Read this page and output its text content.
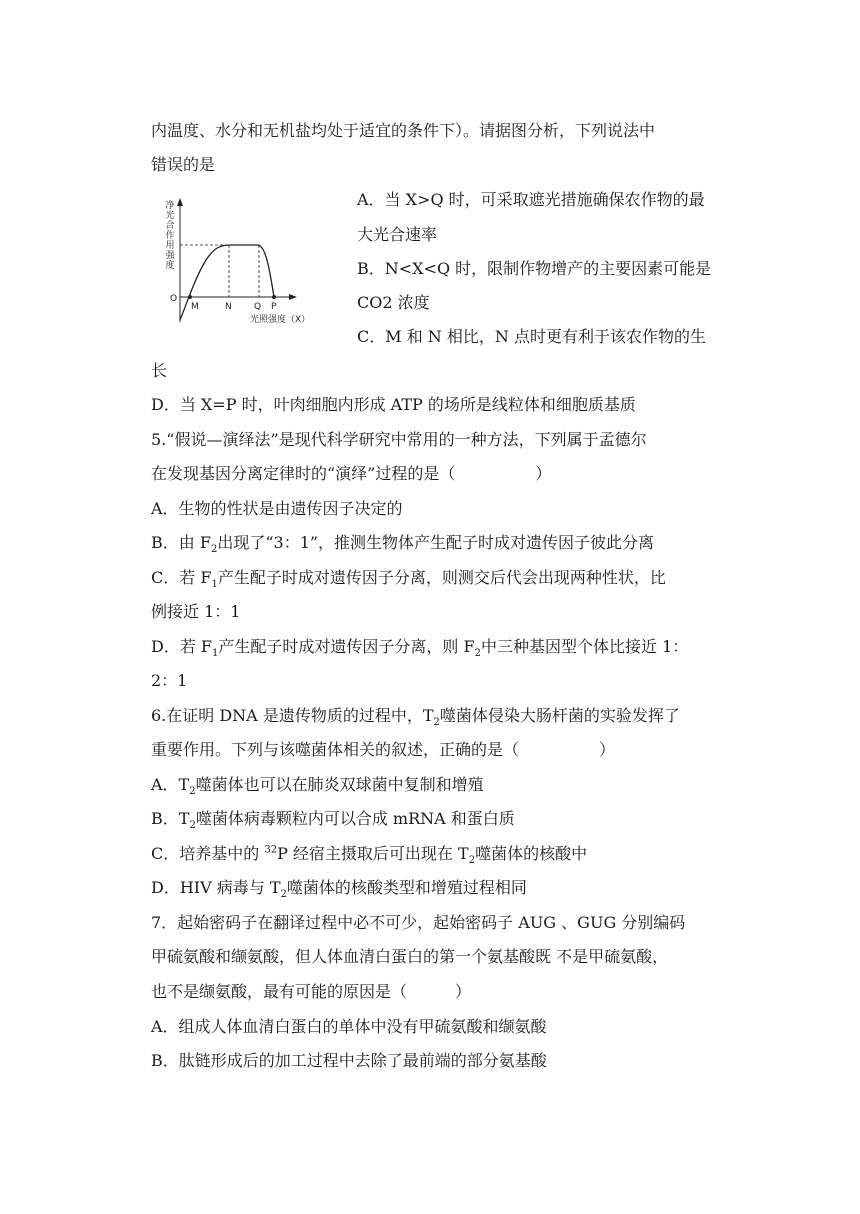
内温度、水分和无机盐均处于适宜的条件下）。请据图分析，下列说法中
错误的是
净
光
合
作
用
强
度
O
M	N Q P
光照强度（X）
A．当 X>Q 时，可采取遮光措施确保农作物的最
大光合速率
B．N<X<Q 时，限制作物增产的主要因素可能是
CO2 浓度
C．M 和 N 相比，N 点时更有利于该农作物的生
长
D．当 X=P 时，叶肉细胞内形成 ATP 的场所是线粒体和细胞质基质
5.“假说—演绎法”是现代科学研究中常用的一种方法，下列属于孟德尔
在发现基因分离定律时的“演绎”过程的是（　　　　　）
A．生物的性状是由遗传因子决定的
B．由 $F_2$出现了“3：1”，推测生物体产生配子时成对遗传因子彼此分离
C．若 $F_1$产生配子时成对遗传因子分离，则测交后代会出现两种性状，比
例接近 1：1
D．若 $F_1$产生配子时成对遗传因子分离，则 $F_2$中三种基因型个体比接近 1：
2：1
6.在证明 DNA 是遗传物质的过程中，$T_2$噬菌体侵染大肠杆菌的实验发挥了
重要作用。下列与该噬菌体相关的叙述，正确的是（　　　　　）
A．$T_2$噬菌体也可以在肺炎双球菌中复制和增殖
B．$T_2$噬菌体病毒颗粒内可以合成 mRNA 和蛋白质
C．培养基中的 $^{32}$P 经宿主摄取后可出现在 $T_2$噬菌体的核酸中
D．HIV 病毒与 $T_2$噬菌体的核酸类型和增殖过程相同
7．起始密码子在翻译过程中必不可少，起始密码子 AUG 、GUG 分别编码
甲硫氨酸和缬氨酸，但人体血清白蛋白的第一个氨基酸既 不是甲硫氨酸，
也不是缬氨酸，最有可能的原因是（　　　）
A．组成人体血清白蛋白的单体中没有甲硫氨酸和缬氨酸
B．肽链形成后的加工过程中去除了最前端的部分氨基酸
